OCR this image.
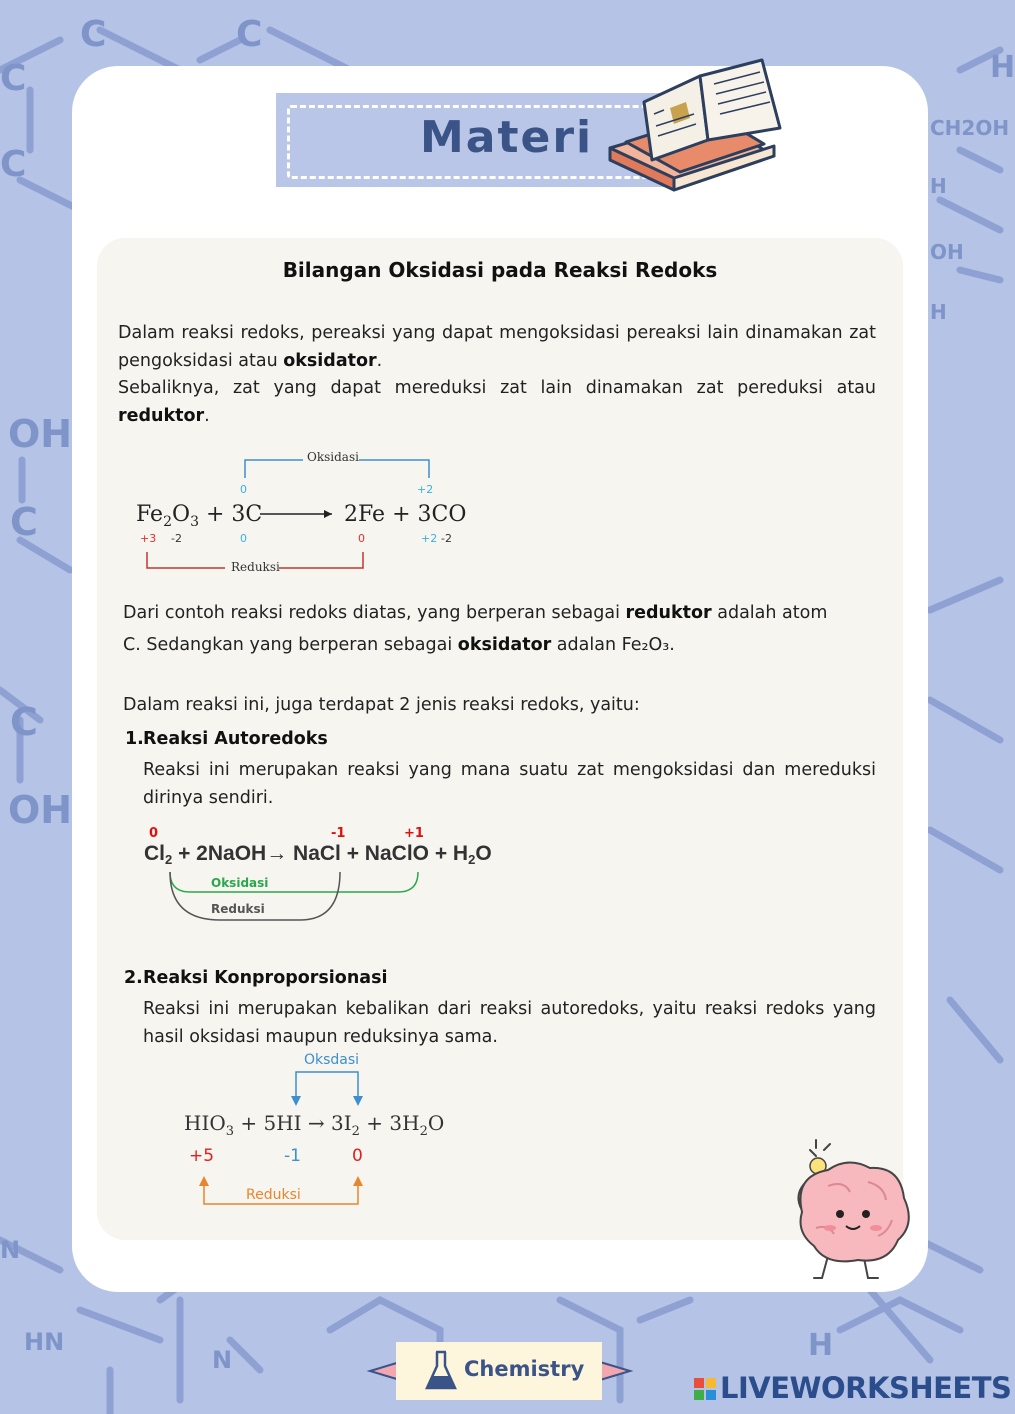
C	C
C
C
CH2OH
H
OH
H
OH
C
C
OH
HN
N
N	H
H
Materi
Bilangan Oksidasi pada Reaksi Redoks
Dalam reaksi redoks, pereaksi yang dapat mengoksidasi pereaksi lain dinamakan zat pengoksidasi atau oksidator.
Sebaliknya, zat yang dapat mereduksi zat lain dinamakan zat pereduksi atau reduktor.
Oksidasi
Reduksi
0	+2
$Fe_2O_3 + 3C$	2Fe + 3CO
+3 -2	0	0	+2 -2
Dari contoh reaksi redoks diatas, yang berperan sebagai reduktor adalah atom
C. Sedangkan yang berperan sebagai oksidator adalan Fe₂O₃.
Dalam reaksi ini, juga terdapat 2 jenis reaksi redoks, yaitu:
1. Reaksi Autoredoks
Reaksi ini merupakan reaksi yang mana suatu zat mengoksidasi dan mereduksi dirinya sendiri.
0	-1	+1
Cl2 + 2NaOH→ NaCl + NaClO + H2O
Oksidasi
Reduksi
2. Reaksi Konproporsionasi
Reaksi ini merupakan kebalikan dari reaksi autoredoks, yaitu reaksi redoks yang hasil oksidasi maupun reduksinya sama.
Oksdasi
$HIO_3 + 5HI \to 3I_2 + 3H_2O$
+5	-1	0
Reduksi
Chemistry
LIVEWORKSHEETS
